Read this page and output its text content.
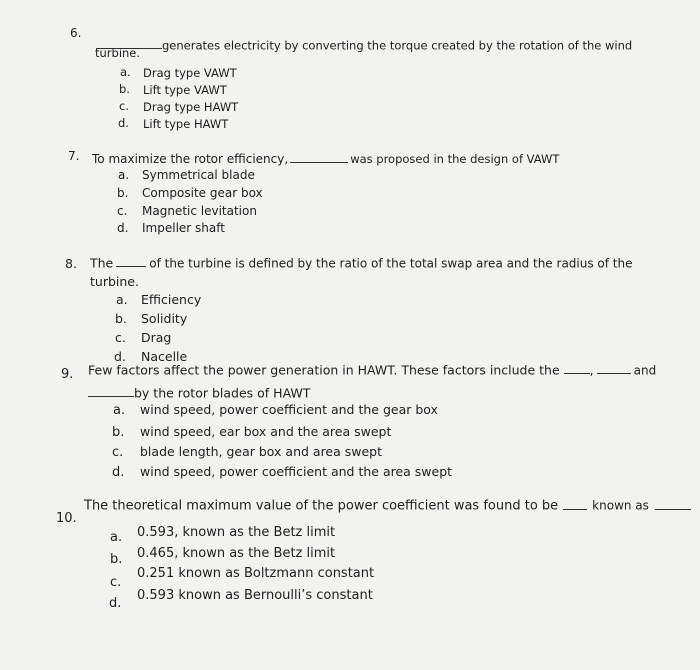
6.
generates electricity by converting the torque created by the rotation of the wind
turbine.
a. Drag type VAWT
b. Lift type VAWT
c. Drag type HAWT
d. Lift type HAWT
7. To maximize the rotor efficiency,	was proposed in the design of VAWT
a. Symmetrical blade
b. Composite gear box
c. Magnetic levitation
d. Impeller shaft
8. The	of the turbine is defined by the ratio of the total swap area and the radius of the
turbine.
a. Efficiency
b. Solidity
c. Drag
d. Nacelle
9. Few factors affect the power generation in HAWT. These factors include the ,	and
by the rotor blades of HAWT
a. wind speed, power coefficient and the gear box
b. wind speed, ear box and the area swept
c. blade length, gear box and area swept
d. wind speed, power coefficient and the area swept
10.
The theoretical maximum value of the power coefficient was found to be	known as
a. 0.593, known as the Betz limit
b. 0.465, known as the Betz limit
c.
0.251 known as Boltzmann constant
d.
0.593 known as Bernoulli’s constant
